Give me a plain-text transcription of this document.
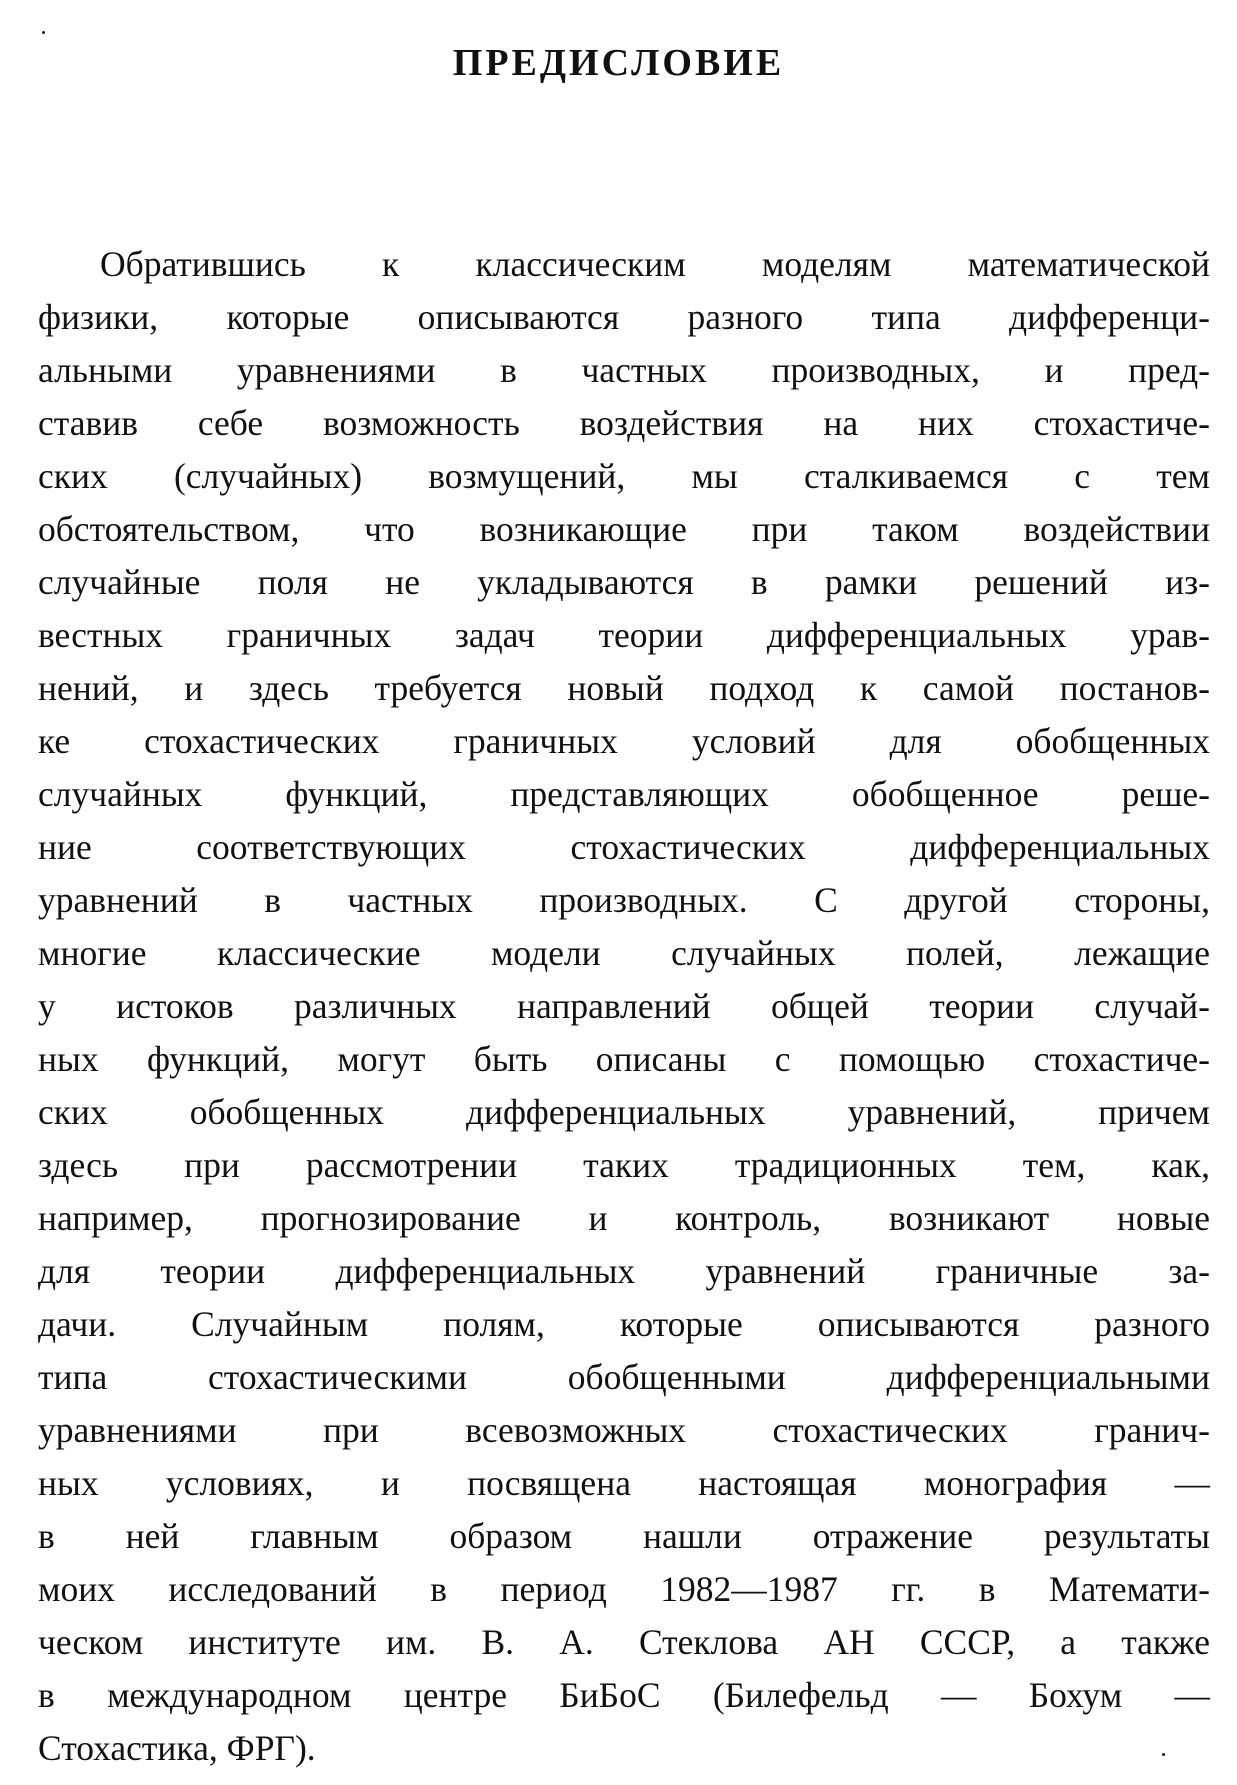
ПРЕДИСЛОВИЕ
Обратившись к классическим моделям математической
физики, которые описываются разного типа дифференци-
альными уравнениями в частных производных, и пред-
ставив себе возможность воздействия на них стохастиче-
ских (случайных) возмущений, мы сталкиваемся с тем
обстоятельством, что возникающие при таком воздействии
случайные поля не укладываются в рамки решений из-
вестных граничных задач теории дифференциальных урав-
нений, и здесь требуется новый подход к самой постанов-
ке стохастических граничных условий для обобщенных
случайных функций, представляющих обобщенное реше-
ние соответствующих стохастических дифференциальных
уравнений в частных производных. С другой стороны,
многие классические модели случайных полей, лежащие
у истоков различных направлений общей теории случай-
ных функций, могут быть описаны с помощью стохастиче-
ских обобщенных дифференциальных уравнений, причем
здесь при рассмотрении таких традиционных тем, как,
например, прогнозирование и контроль, возникают новые
для теории дифференциальных уравнений граничные за-
дачи. Случайным полям, которые описываются разного
типа стохастическими обобщенными дифференциальными
уравнениями при всевозможных стохастических гранич-
ных условиях, и посвящена настоящая монография —
в ней главным образом нашли отражение результаты
моих исследований в период 1982—1987 гг. в Математи-
ческом институте им. В. А. Стеклова АН СССР, а также
в международном центре БиБоС (Билефельд — Бохум —
Стохастика, ФРГ).
